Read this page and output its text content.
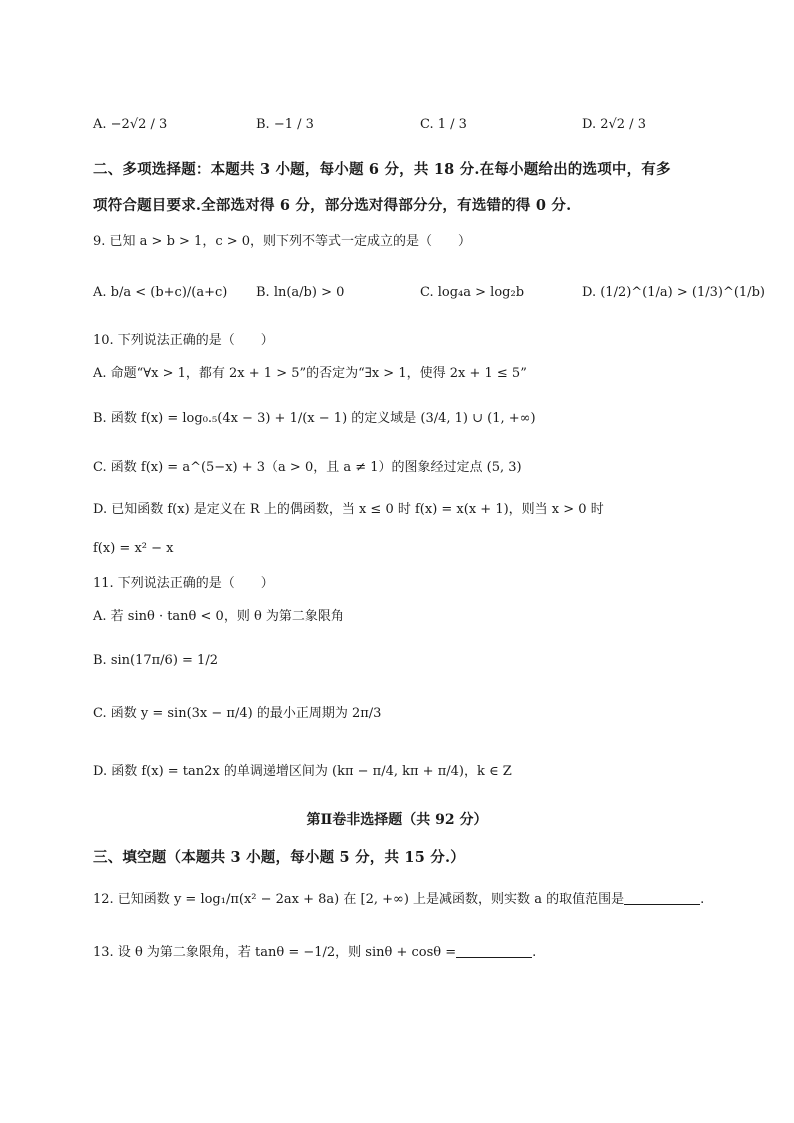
A. −2√2 / 3	B. −1 / 3	C. 1 / 3	D. 2√2 / 3
二、多项选择题：本题共 3 小题，每小题 6 分，共 18 分.在每小题给出的选项中，有多
项符合题目要求.全部选对得 6 分，部分选对得部分分，有选错的得 0 分.
9. 已知 a > b > 1，c > 0，则下列不等式一定成立的是（　　）
A. b/a < (b+c)/(a+c) B. ln(a/b) > 0	C. log₄a > log₂b	D. (1/2)^(1/a) > (1/3)^(1/b)
10. 下列说法正确的是（　　）
A. 命题“∀x > 1，都有 2x + 1 > 5”的否定为“∃x > 1，使得 2x + 1 ≤ 5”
B. 函数 f(x) = log₀.₅(4x − 3) + 1/(x − 1) 的定义域是 (3/4, 1) ∪ (1, +∞)
C. 函数 f(x) = a^(5−x) + 3（a > 0，且 a ≠ 1）的图象经过定点 (5, 3)
D. 已知函数 f(x) 是定义在 R 上的偶函数，当 x ≤ 0 时 f(x) = x(x + 1)，则当 x > 0 时
f(x) = x² − x
11. 下列说法正确的是（　　）
A. 若 sinθ · tanθ < 0，则 θ 为第二象限角
B. sin(17π/6) = 1/2
C. 函数 y = sin(3x − π/4) 的最小正周期为 2π/3
D. 函数 f(x) = tan2x 的单调递增区间为 (kπ − π/4, kπ + π/4)，k ∈ Z
第Ⅱ卷非选择题（共 92 分）
三、填空题（本题共 3 小题，每小题 5 分，共 15 分.）
12. 已知函数 y = log₁/π(x² − 2ax + 8a) 在 [2, +∞) 上是减函数，则实数 a 的取值范围是	.
13. 设 θ 为第二象限角，若 tanθ = −1/2，则 sinθ + cosθ =	.
